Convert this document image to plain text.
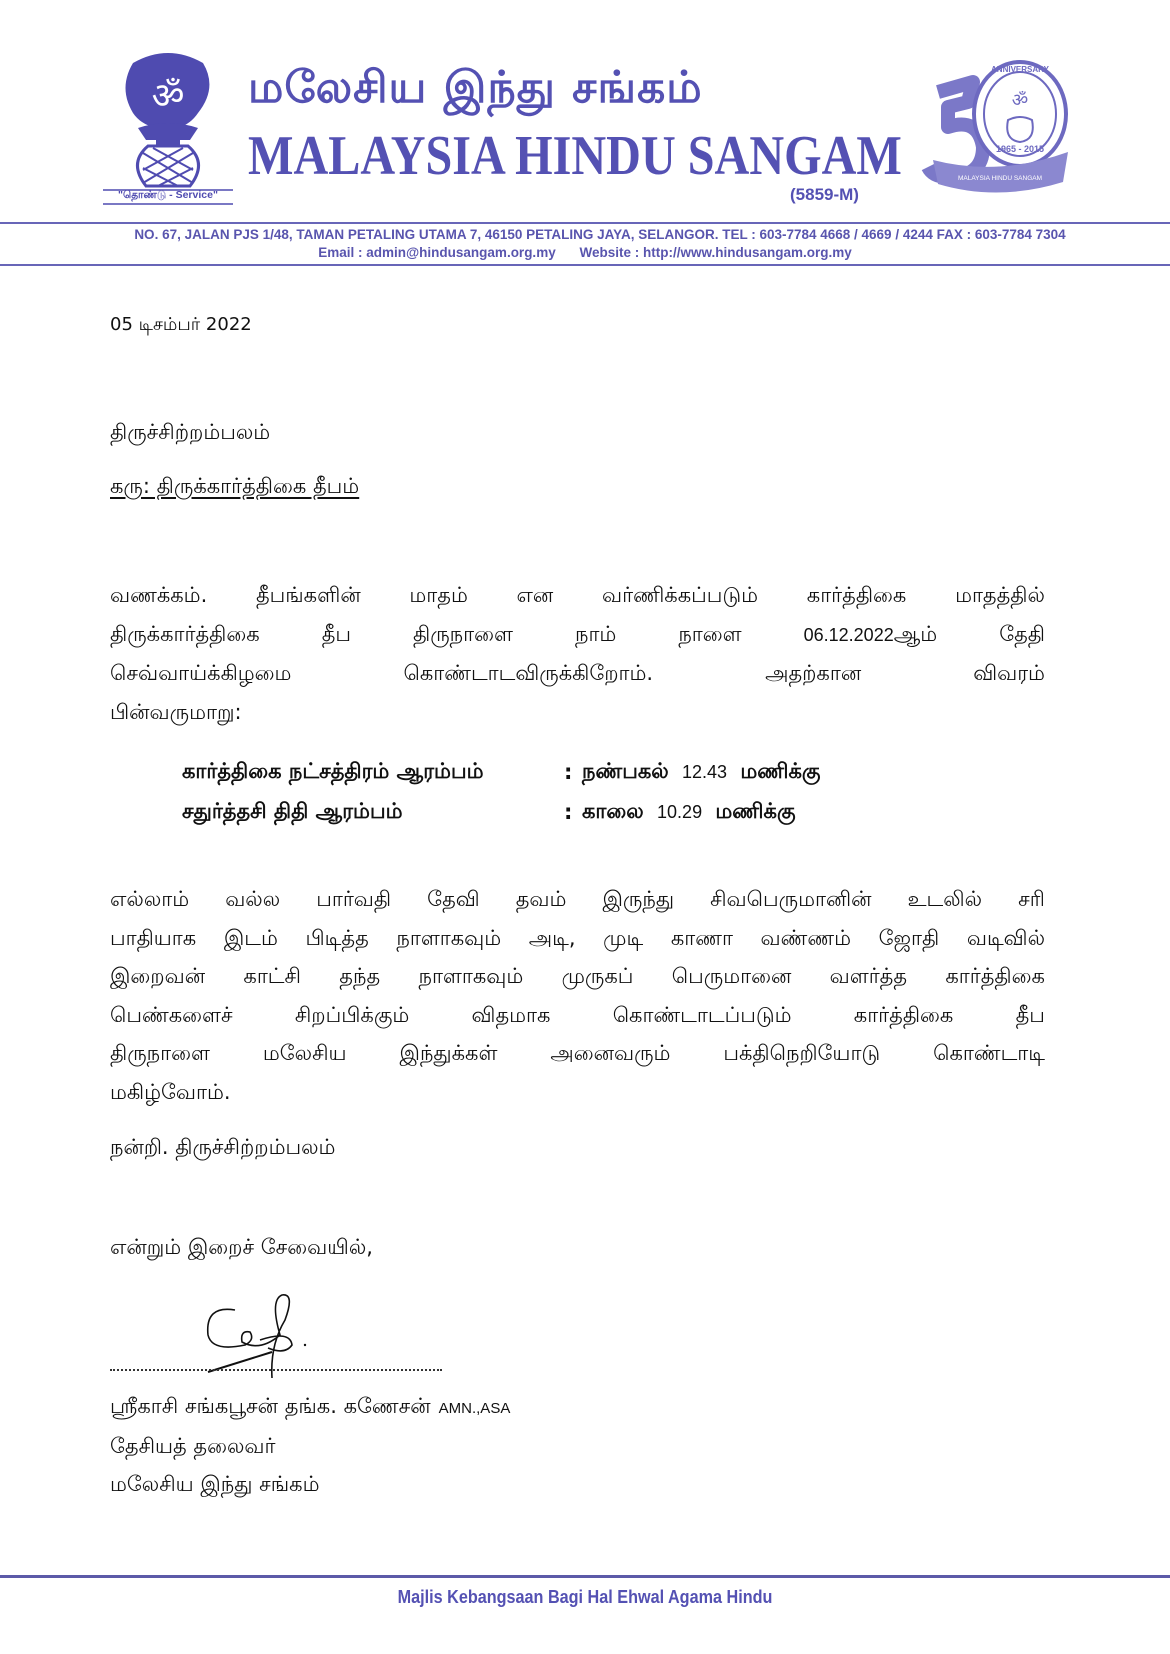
ॐ
"தொண்டு - Service"
மலேசிய இந்து சங்கம்
MALAYSIA HINDU SANGAM
(5859-M)
ॐ
1965 - 2015
MALAYSIA HINDU SANGAM
ANNIVERSARY
NO. 67, JALAN PJS 1/48, TAMAN PETALING UTAMA 7, 46150 PETALING JAYA, SELANGOR. TEL : 603-7784 4668 / 4669 / 4244 FAX : 603-7784 7304
Email : admin@hindusangam.org.my Website : http://www.hindusangam.org.my
05 டிசம்பர் 2022
திருச்சிற்றம்பலம்
கரு: திருக்கார்த்திகை தீபம்
வணக்கம். தீபங்களின் மாதம் என வர்ணிக்கப்படும் கார்த்திகை மாதத்தில்
திருக்கார்த்திகை	தீப	திருநாளை	நாம்	நாளை	06.12.2022ஆம்	தேதி
செவ்வாய்க்கிழமை	கொண்டாடவிருக்கிறோம்.	அதற்கான	விவரம்
பின்வருமாறு:
கார்த்திகை நட்சத்திரம் ஆரம்பம்	: நண்பகல் 12.43 மணிக்கு
சதுர்த்தசி திதி ஆரம்பம்	: காலை 10.29 மணிக்கு
எல்லாம் வல்ல பார்வதி தேவி தவம் இருந்து சிவபெருமானின் உடலில் சரி
பாதியாக இடம் பிடித்த நாளாகவும் அடி, முடி காணா வண்ணம் ஜோதி வடிவில்
இறைவன் காட்சி தந்த நாளாகவும் முருகப் பெருமானை வளர்த்த கார்த்திகை
பெண்களைச்	சிறப்பிக்கும்	விதமாக	கொண்டாடப்படும்	கார்த்திகை	தீப
திருநாளை	மலேசிய	இந்துக்கள்	அனைவரும்	பக்திநெறியோடு	கொண்டாடி
மகிழ்வோம்.
நன்றி. திருச்சிற்றம்பலம்
என்றும் இறைச் சேவையில்,
ஸ்ரீகாசி சங்கபூசன் தங்க. கணேசன் AMN.,ASA
தேசியத் தலைவர்
மலேசிய இந்து சங்கம்
Majlis Kebangsaan Bagi Hal Ehwal Agama Hindu
